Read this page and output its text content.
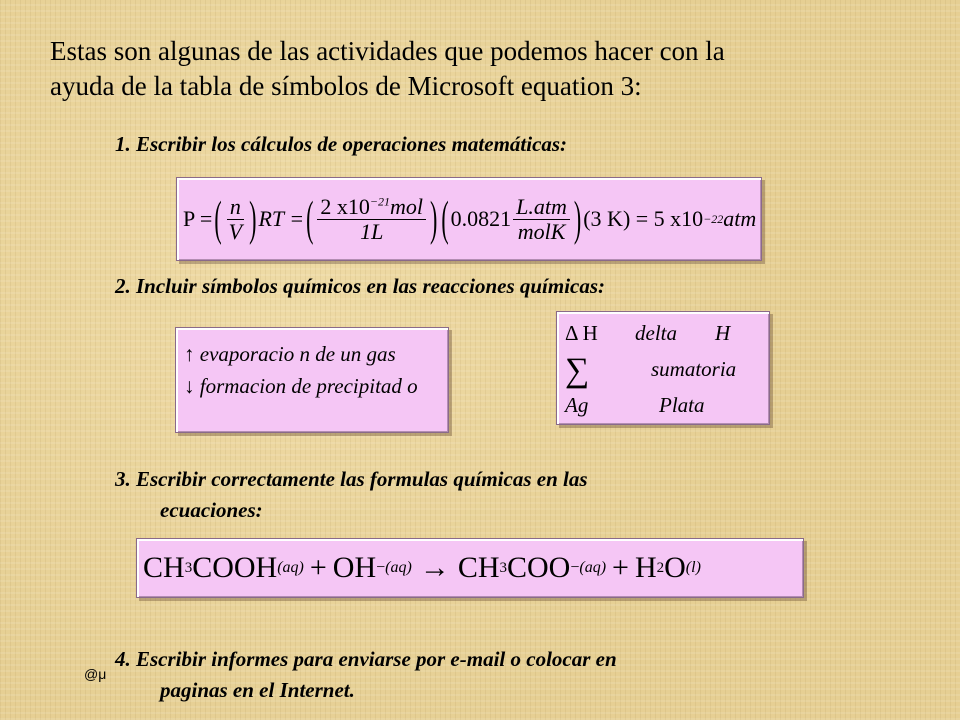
Estas son algunas de las actividades que podemos hacer con la
ayuda de la tabla de símbolos de Microsoft equation 3:
1. Escribir los cálculos de operaciones matemáticas:
P = ( $\frac{n}{V}$ ) RT = ( $\frac{2 x10^{-21}mol}{1L}$ ) ( $0.0821 \frac{\text{L.atm}}{\text{molK}}$ ) (3 K) = 5 x10 −22 atm
2. Incluir símbolos químicos en las reacciones químicas:
↑ evaporacio n de un gas
↓ formacion de precipitad o
Δ H delta H
∑	sumatoria
Ag	Plata
3. Escribir correctamente las formulas químicas en las
ecuaciones:
CH 3 COOH (aq) + OH − (aq) → CH 3 COO − (aq) + H 2 O (l)
4. Escribir informes para enviarse por e-mail o colocar en
paginas en el Internet.
@μ
